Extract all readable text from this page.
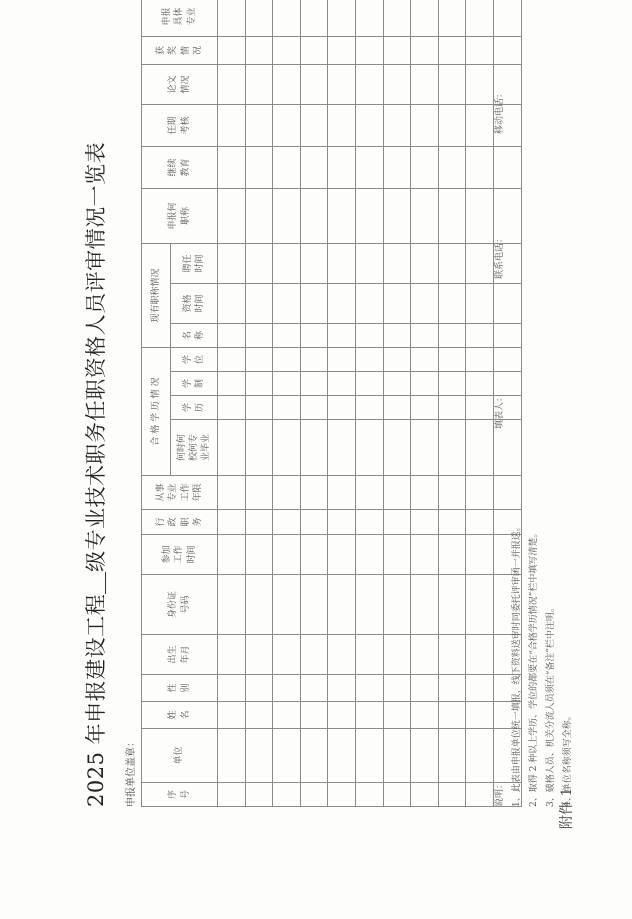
附件 1
2025 年申报建设工程级专业技术职务任职资格人员评审情况一览表
申报单位盖章：	序号	单位	姓名	性别	出生年月	身份证号码	参加工作时间	行政职务	从事专业工作年限	合 格 学 历 情 况				现有职称情况			申报何职称	继续教育	任期考核	论文情况	获奖情况	申报具体专业
									何时何校何专业毕业	学历	学制	学位	名称	资格时间	聘任时间						

说明： 1、此表由申报单位统一填报，线下资料送审时同委托评审函一并报送。 2、取得 2 种以上学历、学位的都要在“合格学历情况”栏中填写清楚。 3、破格人员、机关分流人员须在“备注”栏中注明。 4、单位名称须写全称。
填表人：
联系电话：
移动电话：
